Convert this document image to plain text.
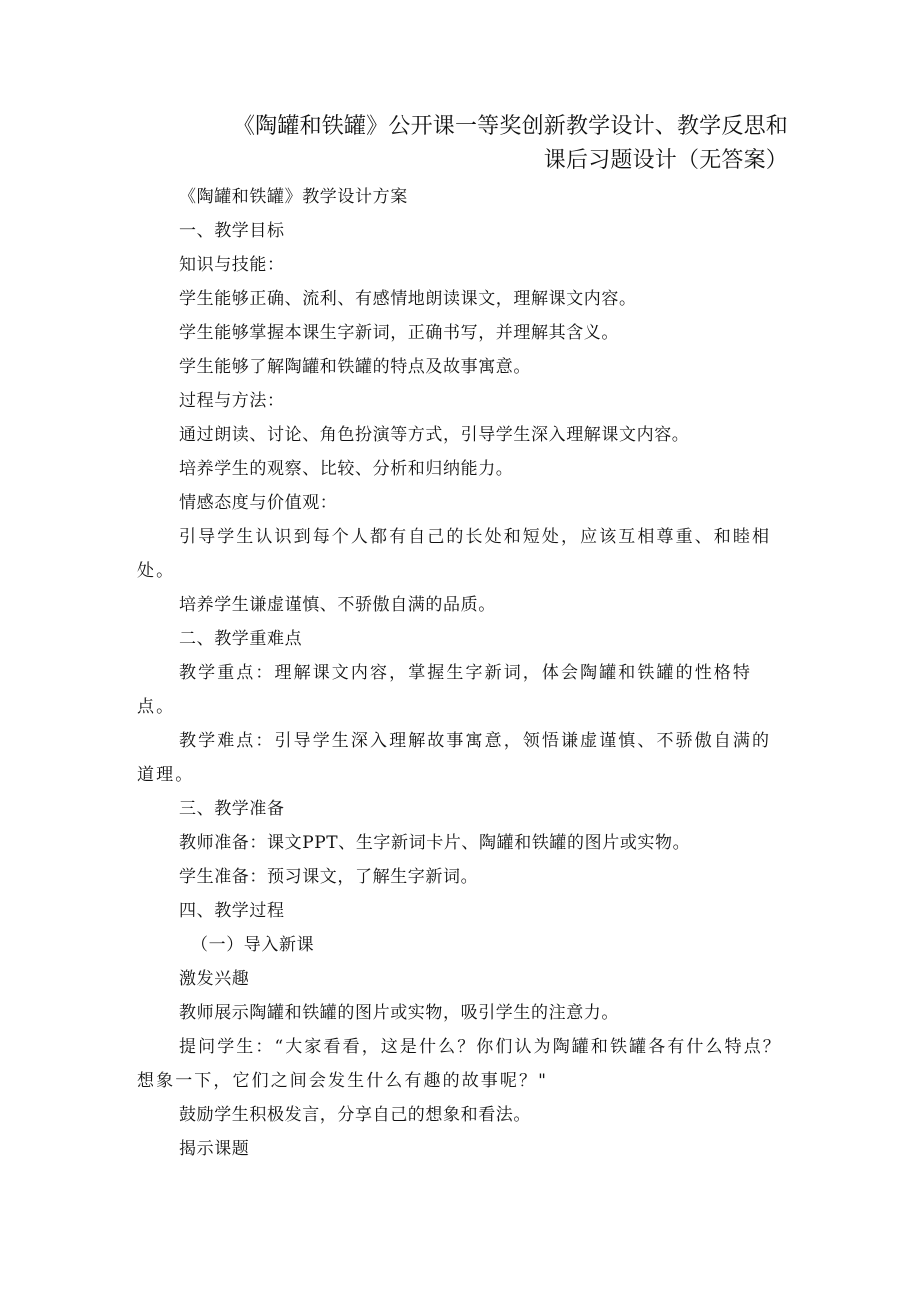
《陶罐和铁罐》公开课一等奖创新教学设计、教学反思和
课后习题设计（无答案）

《陶罐和铁罐》教学设计方案

一、教学目标

知识与技能：

学生能够正确、流利、有感情地朗读课文，理解课文内容。

学生能够掌握本课生字新词，正确书写，并理解其含义。

学生能够了解陶罐和铁罐的特点及故事寓意。

过程与方法：

通过朗读、讨论、角色扮演等方式，引导学生深入理解课文内容。

培养学生的观察、比较、分析和归纳能力。

情感态度与价值观：

引导学生认识到每个人都有自己的长处和短处，应该互相尊重、和睦相处。

培养学生谦虚谨慎、不骄傲自满的品质。

二、教学重难点

教学重点：理解课文内容，掌握生字新词，体会陶罐和铁罐的性格特点。

教学难点：引导学生深入理解故事寓意，领悟谦虚谨慎、不骄傲自满的道理。

三、教学准备

教师准备：课文PPT、生字新词卡片、陶罐和铁罐的图片或实物。

学生准备：预习课文，了解生字新词。

四、教学过程

（一）导入新课

激发兴趣

教师展示陶罐和铁罐的图片或实物，吸引学生的注意力。

提问学生：“大家看看，这是什么？你们认为陶罐和铁罐各有什么特点？想象一下，它们之间会发生什么有趣的故事呢？"

鼓励学生积极发言，分享自己的想象和看法。

揭示课题
